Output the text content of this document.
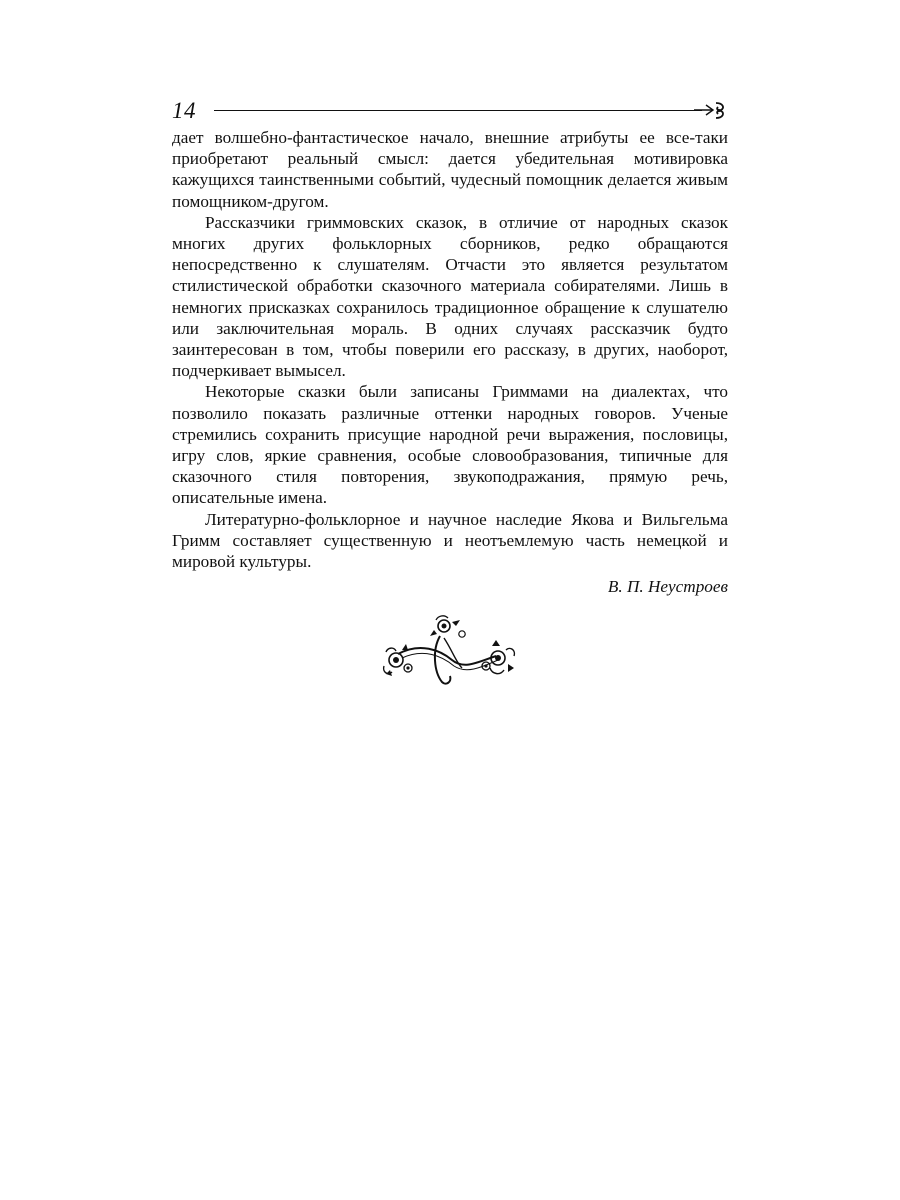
14

дает волшебно-фантастическое начало, внешние атрибуты ее все-таки приобретают реальный смысл: дается убедительная мотивировка кажущихся таинственными событий, чудесный помощник делается живым помощником-другом.

Рассказчики гриммовских сказок, в отличие от народных сказок многих других фольклорных сборников, редко обращаются непосредственно к слушателям. Отчасти это является результатом стилистической обработки сказочного материала собирателями. Лишь в немногих присказках сохранилось традиционное обращение к слушателю или заключительная мораль. В одних случаях рассказчик будто заинтересован в том, чтобы поверили его рассказу, в других, наоборот, подчеркивает вымысел.

Некоторые сказки были записаны Гриммами на диалектах, что позволило показать различные оттенки народных говоров. Ученые стремились сохранить присущие народной речи выражения, пословицы, игру слов, яркие сравнения, особые словообразования, типичные для сказочного стиля повторения, звукоподражания, прямую речь, описательные имена.

Литературно-фольклорное и научное наследие Якова и Вильгельма Гримм составляет существенную и неотъемлемую часть немецкой и мировой культуры.

В. П. Неустроев
